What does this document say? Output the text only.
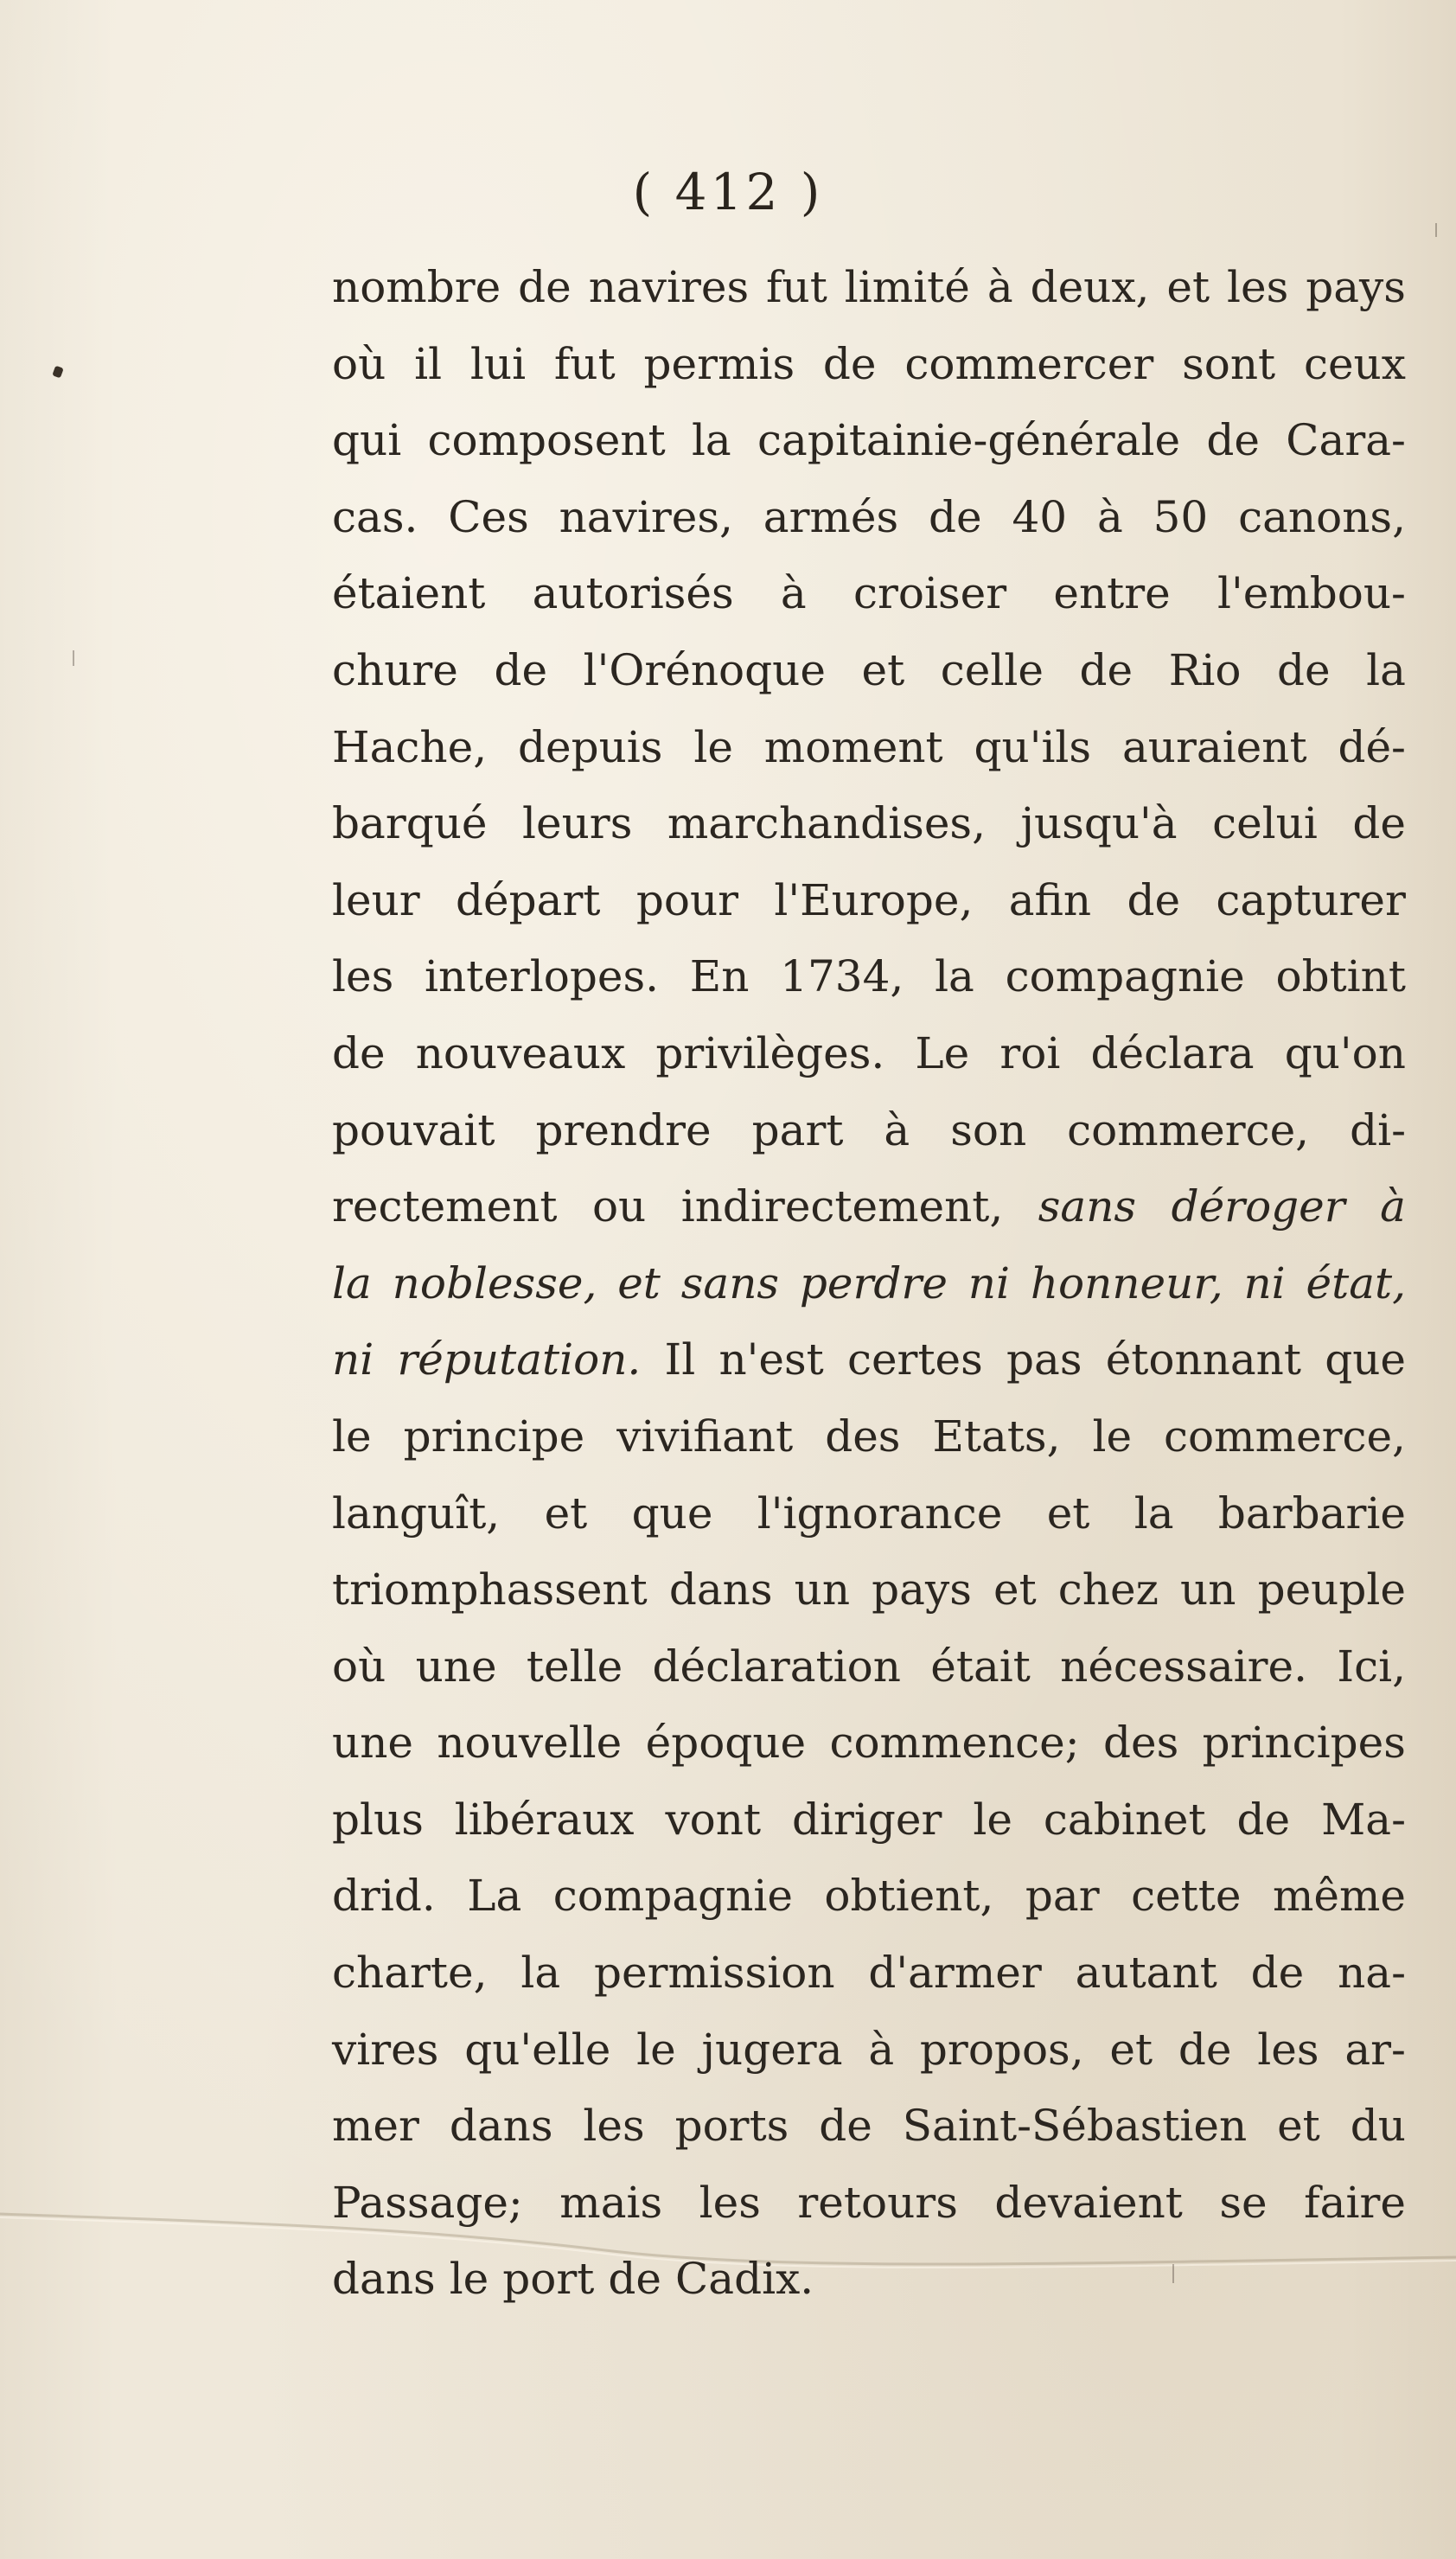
( 412 )
nombre de navires fut limité à deux, et les pays
où il lui fut permis de commercer sont ceux
qui composent la capitainie-générale de Cara-
cas. Ces navires, armés de 40 à 50 canons,
étaient autorisés à croiser entre l'embou-
chure de l'Orénoque et celle de Rio de la
Hache, depuis le moment qu'ils auraient dé-
barqué leurs marchandises, jusqu'à celui de
leur départ pour l'Europe, afin de capturer
les interlopes. En 1734, la compagnie obtint
de nouveaux privilèges. Le roi déclara qu'on
pouvait prendre part à son commerce, di-
rectement ou indirectement, sans déroger à
la noblesse, et sans perdre ni honneur, ni état,
ni réputation. Il n'est certes pas étonnant que
le principe vivifiant des Etats, le commerce,
languît, et que l'ignorance et la barbarie
triomphassent dans un pays et chez un peuple
où une telle déclaration était nécessaire. Ici,
une nouvelle époque commence; des principes
plus libéraux vont diriger le cabinet de Ma-
drid. La compagnie obtient, par cette même
charte, la permission d'armer autant de na-
vires qu'elle le jugera à propos, et de les ar-
mer dans les ports de Saint-Sébastien et du
Passage; mais les retours devaient se faire
dans le port de Cadix.
